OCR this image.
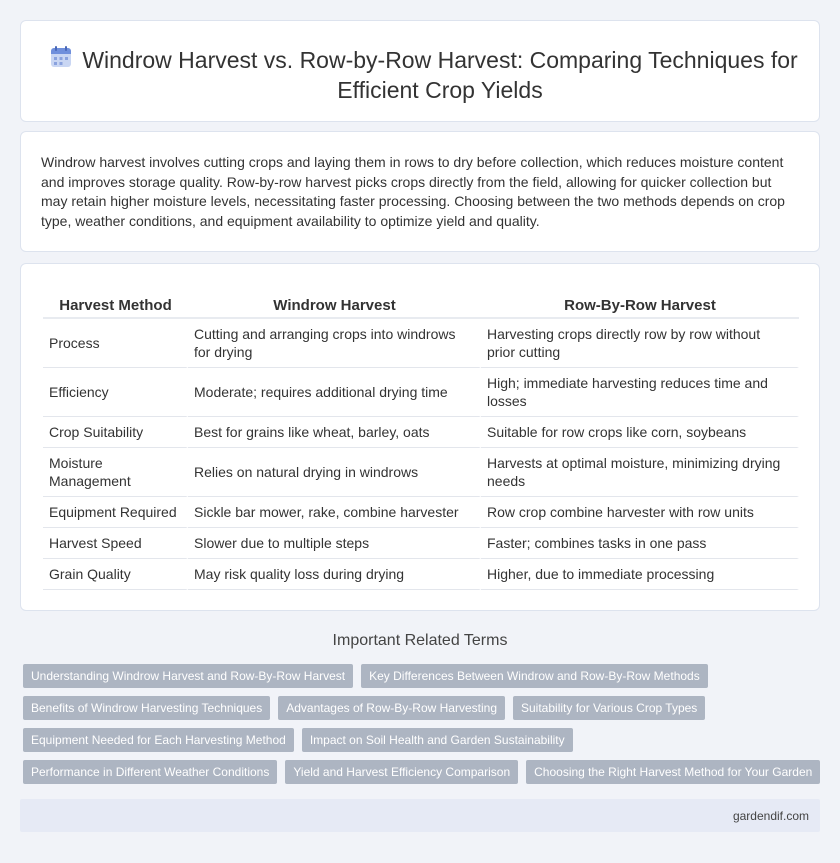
Windrow Harvest vs. Row-by-Row Harvest: Comparing Techniques for Efficient Crop Yields

Windrow harvest involves cutting crops and laying them in rows to dry before collection, which reduces moisture content and improves storage quality. Row-by-row harvest picks crops directly from the field, allowing for quicker collection but may retain higher moisture levels, necessitating faster processing. Choosing between the two methods depends on crop type, weather conditions, and equipment availability to optimize yield and quality.

Harvest Method	Windrow Harvest	Row-By-Row Harvest
Process	Cutting and arranging crops into windrows for drying	Harvesting crops directly row by row without prior cutting
Efficiency	Moderate; requires additional drying time	High; immediate harvesting reduces time and losses
Crop Suitability	Best for grains like wheat, barley, oats	Suitable for row crops like corn, soybeans
Moisture Management	Relies on natural drying in windrows	Harvests at optimal moisture, minimizing drying needs
Equipment Required	Sickle bar mower, rake, combine harvester	Row crop combine harvester with row units
Harvest Speed	Slower due to multiple steps	Faster; combines tasks in one pass
Grain Quality	May risk quality loss during drying	Higher, due to immediate processing
Important Related Terms
Understanding Windrow Harvest and Row-By-Row Harvest	Key Differences Between Windrow and Row-By-Row Methods
Benefits of Windrow Harvesting Techniques	Advantages of Row-By-Row Harvesting	Suitability for Various Crop Types
Equipment Needed for Each Harvesting Method	Impact on Soil Health and Garden Sustainability
Performance in Different Weather Conditions	Yield and Harvest Efficiency Comparison	Choosing the Right Harvest Method for Your Garden
gardendif.com
